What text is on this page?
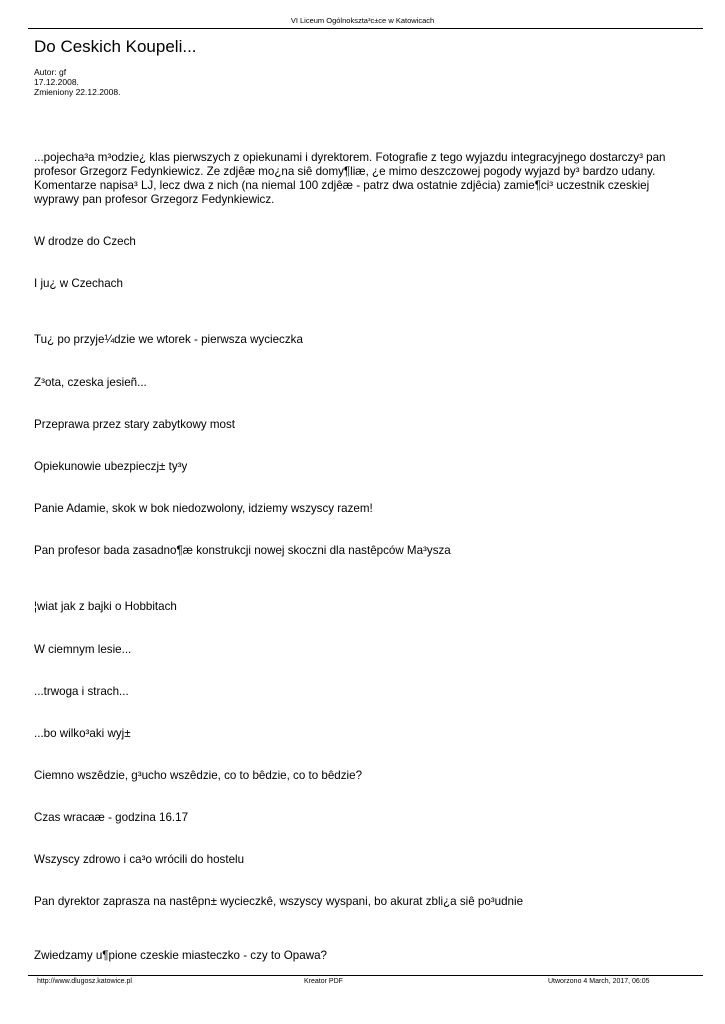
VI Liceum Ogólnokszta³c±ce w Katowicach
Do Ceskich Koupeli...
Autor: gf
17.12.2008.
Zmieniony 22.12.2008.

...pojecha³a m³odzie¿ klas pierwszych z opiekunami i dyrektorem. Fotografie z tego wyjazdu integracyjnego dostarczy³ pan profesor Grzegorz Fedynkiewicz. Ze zdjêæ mo¿na siê domy¶liæ, ¿e mimo deszczowej pogody wyjazd by³ bardzo udany. Komentarze napisa³ LJ, lecz dwa z nich (na niemal 100 zdjêæ - patrz dwa ostatnie zdjêcia) zamie¶ci³ uczestnik czeskiej wyprawy pan profesor Grzegorz Fedynkiewicz.

W drodze do Czech

I ju¿ w Czechach

Tu¿ po przyje¼dzie we wtorek - pierwsza wycieczka

Z³ota, czeska jesieñ...

Przeprawa przez stary zabytkowy most

Opiekunowie ubezpieczj± ty³y

Panie Adamie, skok w bok niedozwolony, idziemy wszyscy razem!

Pan profesor bada zasadno¶æ konstrukcji nowej skoczni dla nastêpców Ma³ysza

¦wiat jak z bajki o Hobbitach

W ciemnym lesie...

...trwoga i strach...

...bo wilko³aki wyj±

Ciemno wszêdzie, g³ucho wszêdzie, co to bêdzie, co to bêdzie?

Czas wracaæ - godzina 16.17

Wszyscy zdrowo i ca³o wrócili do hostelu

Pan dyrektor zaprasza na nastêpn± wycieczkê, wszyscy wyspani, bo akurat zbli¿a siê po³udnie

Zwiedzamy u¶pione czeskie miasteczko - czy to Opawa?

http://www.dlugosz.katowice.pl	Kreator PDF	Utworzono 4 March, 2017, 06:05
